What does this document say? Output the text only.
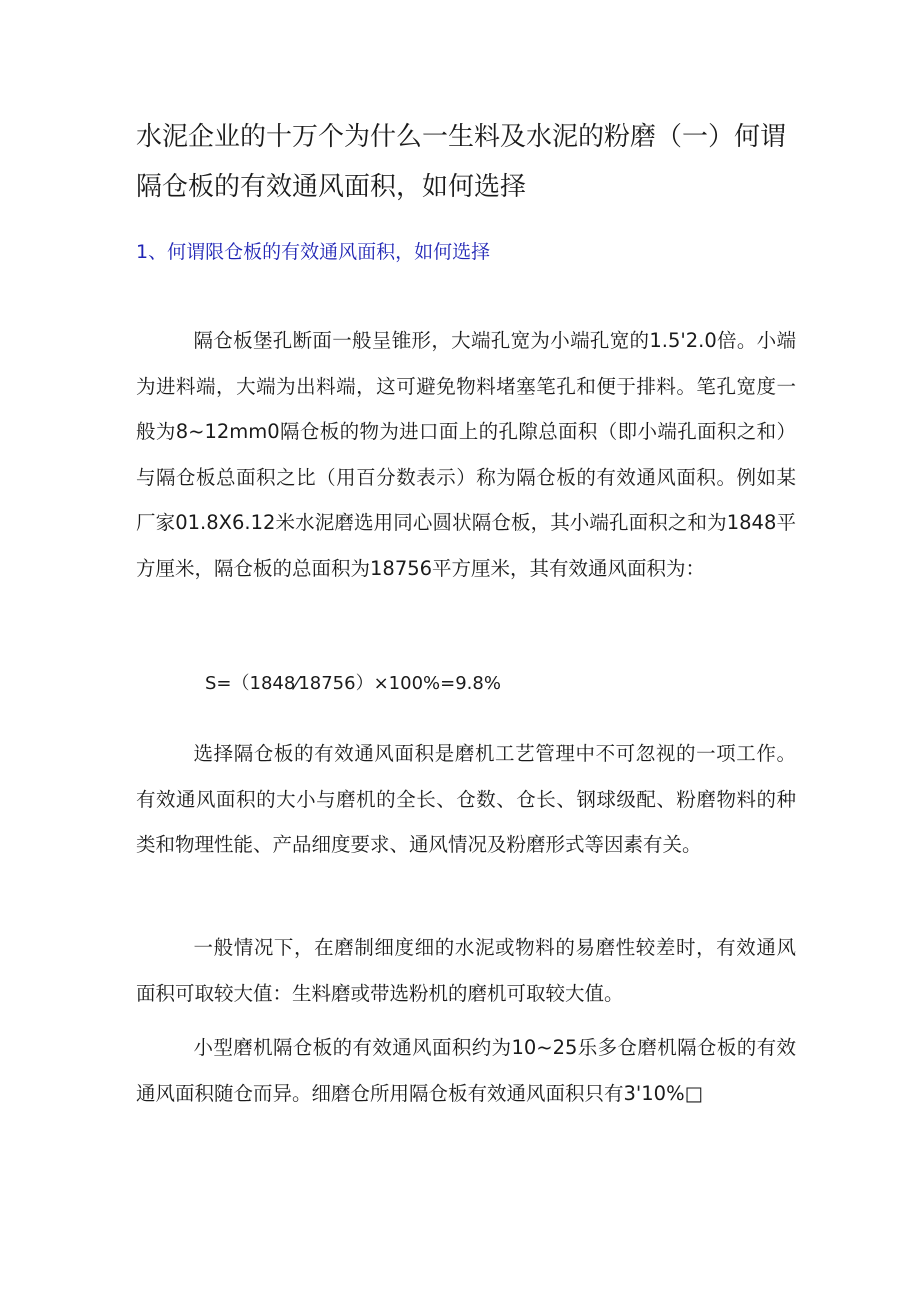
水泥企业的十万个为什么一生料及水泥的粉磨（一）何谓隔仓板的有效通风面积，如何选择
1、何谓限仓板的有效通风面积，如何选择

隔仓板堡孔断面一般呈锥形，大端孔宽为小端孔宽的1.5'2.0倍。小端为进料端，大端为出料端，这可避免物料堵塞笔孔和便于排料。笔孔宽度一般为8~12mm0隔仓板的物为进口面上的孔隙总面积（即小端孔面积之和）与隔仓板总面积之比（用百分数表示）称为隔仓板的有效通风面积。例如某厂家01.8X6.12米水泥磨选用同心圆状隔仓板，其小端孔面积之和为1848平方厘米，隔仓板的总面积为18756平方厘米，其有效通风面积为：

S=（1848⁄18756）×100%=9.8%

选择隔仓板的有效通风面积是磨机工艺管理中不可忽视的一项工作。有效通风面积的大小与磨机的全长、仓数、仓长、钢球级配、粉磨物料的种类和物理性能、产品细度要求、通风情况及粉磨形式等因素有关。

一般情况下，在磨制细度细的水泥或物料的易磨性较差时，有效通风面积可取较大值：生料磨或带选粉机的磨机可取较大值。

小型磨机隔仓板的有效通风面积约为10~25乐多仓磨机隔仓板的有效通风面积随仓而异。细磨仓所用隔仓板有效通风面积只有3'10%□
